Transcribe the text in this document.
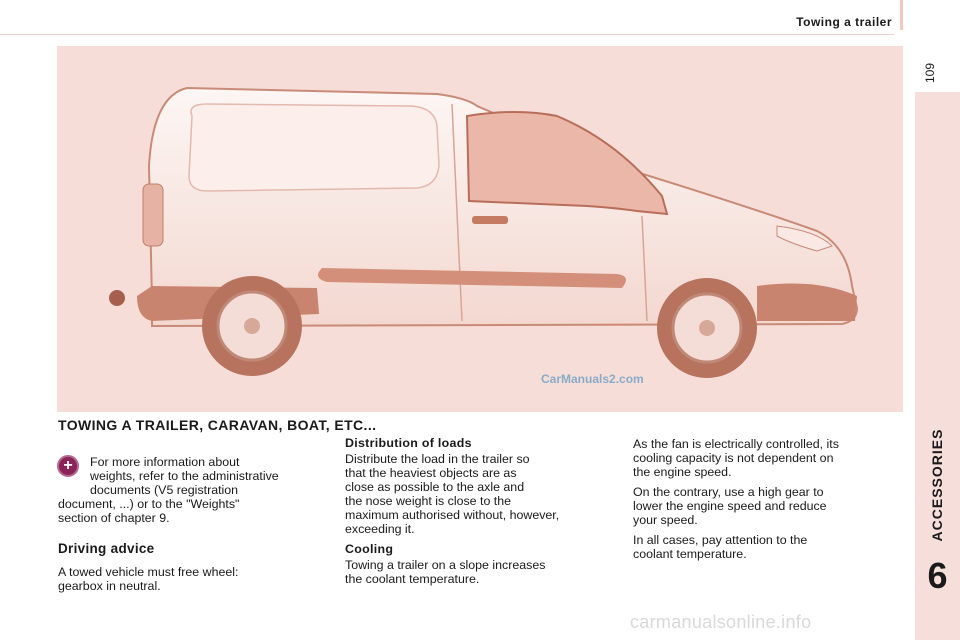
Towing a trailer
109
ACCESSORIES
6
CarManuals2.com
TOWING A TRAILER, CARAVAN, BOAT, ETC...
+	For more information about
weights, refer to the administrative
documents (V5 registration

document, ...) or to the "Weights"
section of chapter 9.

Driving advice

A towed vehicle must free wheel:
gearbox in neutral.

Distribution of loads

Distribute the load in the trailer so
that the heaviest objects are as
close as possible to the axle and
the nose weight is close to the
maximum authorised without, however,
exceeding it.

Cooling

Towing a trailer on a slope increases
the coolant temperature.

As the fan is electrically controlled, its
cooling capacity is not dependent on
the engine speed.

On the contrary, use a high gear to
lower the engine speed and reduce
your speed.

In all cases, pay attention to the
coolant temperature.

carmanualsonline.info
